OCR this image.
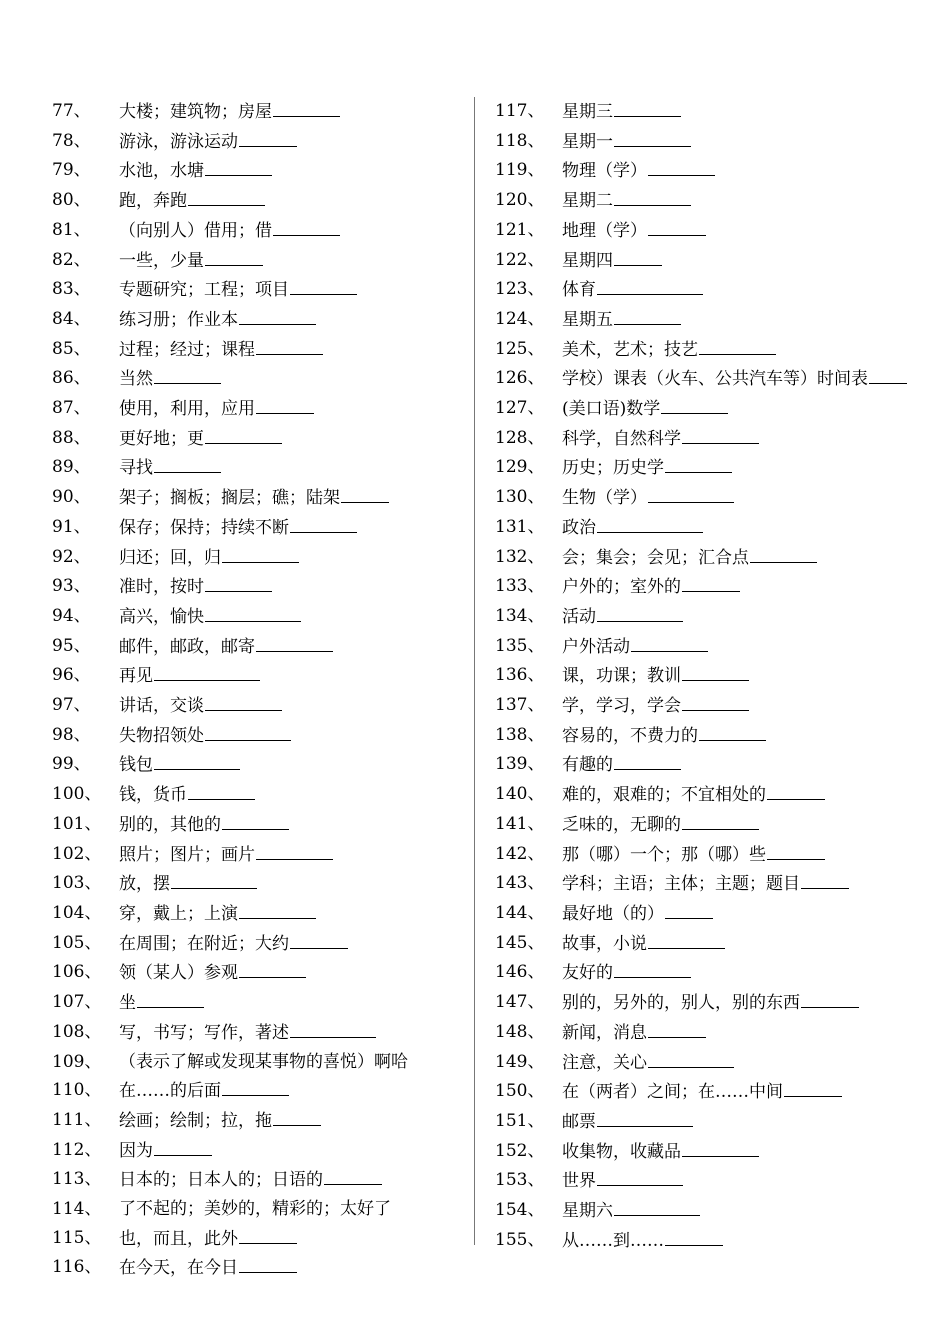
77、	大楼；建筑物；房屋
78、	游泳，游泳运动
79、	水池，水塘
80、	跑，奔跑
81、	（向别人）借用；借
82、	一些，少量
83、	专题研究；工程；项目
84、	练习册；作业本
85、	过程；经过；课程
86、	当然
87、	使用，利用，应用
88、	更好地；更
89、	寻找
90、	架子；搁板；搁层；礁；陆架
91、	保存；保持；持续不断
92、	归还；回，归
93、	准时，按时
94、	高兴，愉快
95、	邮件，邮政，邮寄
96、	再见
97、	讲话，交谈
98、	失物招领处
99、	钱包
100、	钱，货币
101、	别的，其他的
102、	照片；图片；画片
103、	放，摆
104、	穿，戴上；上演
105、	在周围；在附近；大约
106、	领（某人）参观
107、	坐
108、	写，书写；写作，著述
109、	（表示了解或发现某事物的喜悦）啊哈
110、	在……的后面
111、	绘画；绘制；拉，拖
112、	因为
113、	日本的；日本人的；日语的
114、	了不起的；美妙的，精彩的；太好了
115、	也，而且，此外
116、	在今天，在今日
117、	星期三
118、	星期一
119、	物理（学）
120、	星期二
121、	地理（学）
122、	星期四
123、	体育
124、	星期五
125、	美术，艺术；技艺
126、	学校）课表（火车、公共汽车等）时间表
127、	(美口语)数学
128、	科学，自然科学
129、	历史；历史学
130、	生物（学）
131、	政治
132、	会；集会；会见；汇合点
133、	户外的；室外的
134、	活动
135、	户外活动
136、	课，功课；教训
137、	学，学习，学会
138、	容易的，不费力的
139、	有趣的
140、	难的，艰难的；不宜相处的
141、	乏味的，无聊的
142、	那（哪）一个；那（哪）些
143、	学科；主语；主体；主题；题目
144、	最好地（的）
145、	故事，小说
146、	友好的
147、	别的，另外的，别人，别的东西
148、	新闻，消息
149、	注意，关心
150、	在（两者）之间；在……中间
151、	邮票
152、	收集物，收藏品
153、	世界
154、	星期六
155、	从……到……
